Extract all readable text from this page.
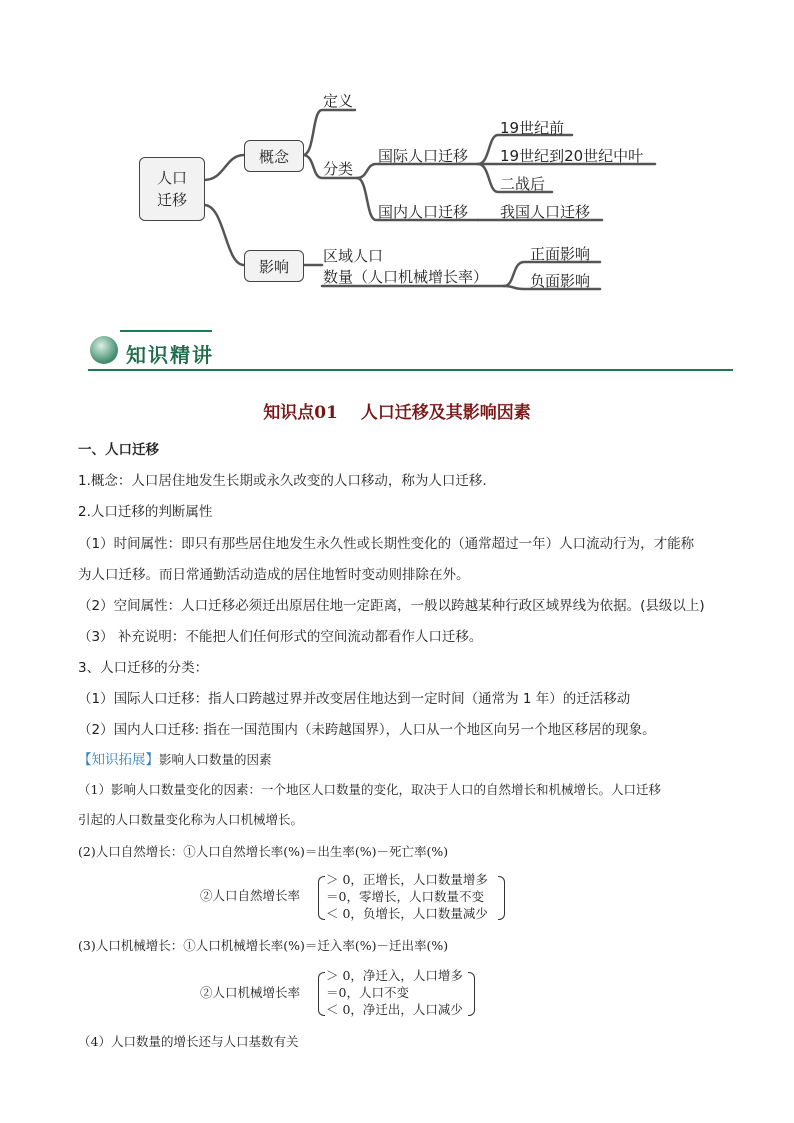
人口
迁移
概念
影响
定义
分类
国际人口迁移
19世纪前
19世纪到20世纪中叶
二战后
国内人口迁移 我国人口迁移
区域人口
数量（人口机械增长率）
正面影响
负面影响
知识精讲
知识点01　 人口迁移及其影响因素
一、人口迁移
1.概念：人口居住地发生长期或永久改变的人口移动，称为人口迁移.
2.人口迁移的判断属性
（1）时间属性：即只有那些居住地发生永久性或长期性变化的（通常超过一年）人口流动行为，才能称
为人口迁移。而日常通勤活动造成的居住地暂时变动则排除在外。
（2）空间属性：人口迁移必须迁出原居住地一定距离，一般以跨越某种行政区域界线为依据。(县级以上)
（3） 补充说明：不能把人们任何形式的空间流动都看作人口迁移。
3、人口迁移的分类：
（1）国际人口迁移：指人口跨越过界并改变居住地达到一定时间（通常为 1 年）的迁活移动
（2）国内人口迁移: 指在一国范围内（未跨越国界），人口从一个地区向另一个地区移居的现象。
【知识拓展】影响人口数量的因素
（1）影响人口数量变化的因素：一个地区人口数量的变化，取决于人口的自然增长和机械增长。人口迁移
引起的人口数量变化称为人口机械增长。
(2)人口自然增长：①人口自然增长率(%)＝出生率(%)－死亡率(%)
②人口自然增长率
＞ 0，正增长，人口数量增多
＝0，零增长，人口数量不变
＜ 0，负增长，人口数量减少
(3)人口机械增长：①人口机械增长率(%)＝迁入率(%)－迁出率(%)
②人口机械增长率
＞ 0，净迁入，人口增多
＝0，人口不变
＜ 0，净迁出，人口减少
（4）人口数量的增长还与人口基数有关
